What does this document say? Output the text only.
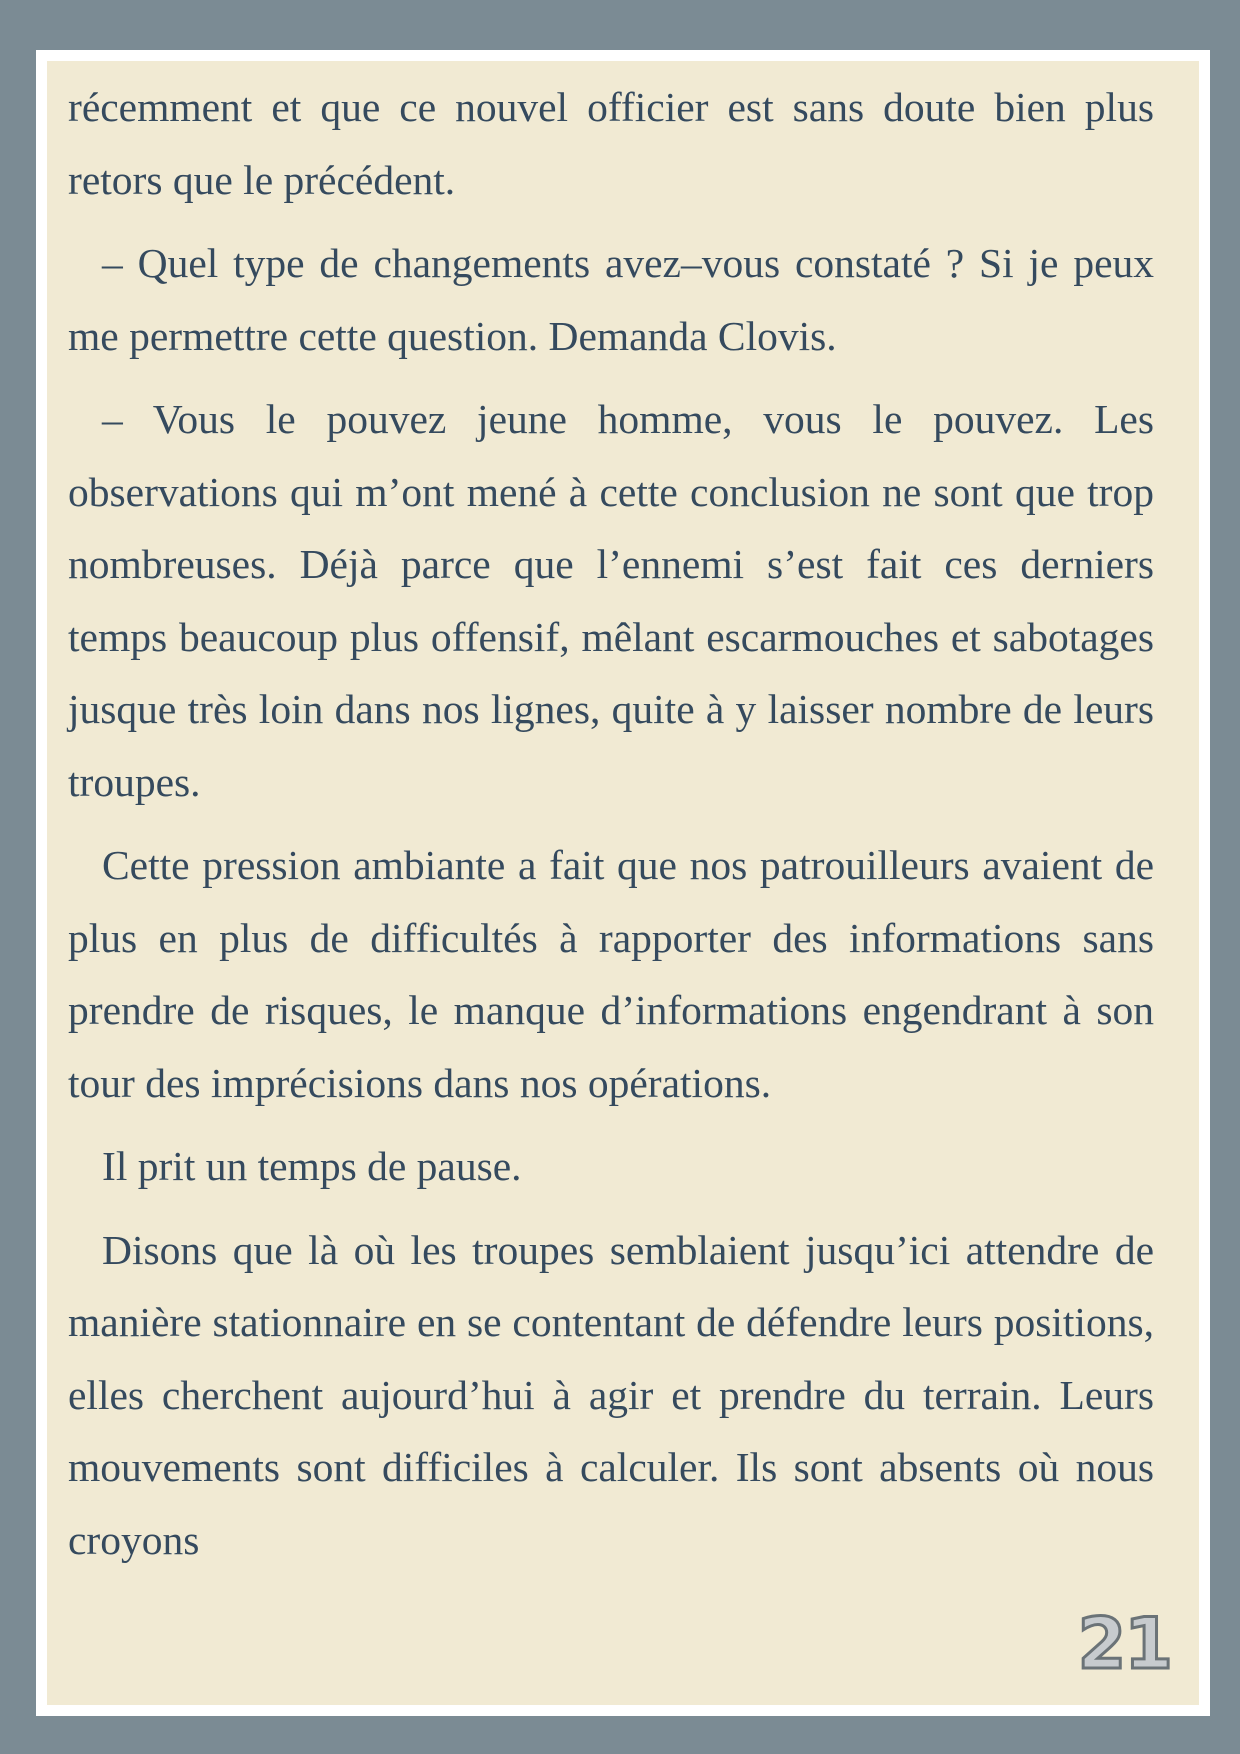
récemment et que ce nouvel officier est sans doute bien plus retors que le précédent.

– Quel type de changements avez–vous constaté ? Si je peux me permettre cette question. Demanda Clovis.

– Vous le pouvez jeune homme, vous le pouvez. Les observations qui m’ont mené à cette conclusion ne sont que trop nombreuses. Déjà parce que l’ennemi s’est fait ces derniers temps beaucoup plus offensif, mêlant escarmouches et sabotages jusque très loin dans nos lignes, quite à y laisser nombre de leurs troupes.

Cette pression ambiante a fait que nos patrouilleurs avaient de plus en plus de difficultés à rapporter des informations sans prendre de risques, le manque d’informations engendrant à son tour des imprécisions dans nos opérations.

Il prit un temps de pause.

Disons que là où les troupes semblaient jusqu’ici attendre de manière stationnaire en se contentant de défendre leurs positions, elles cherchent aujourd’hui à agir et prendre du terrain. Leurs mouvements sont difficiles à calculer. Ils sont absents où nous croyons

21
